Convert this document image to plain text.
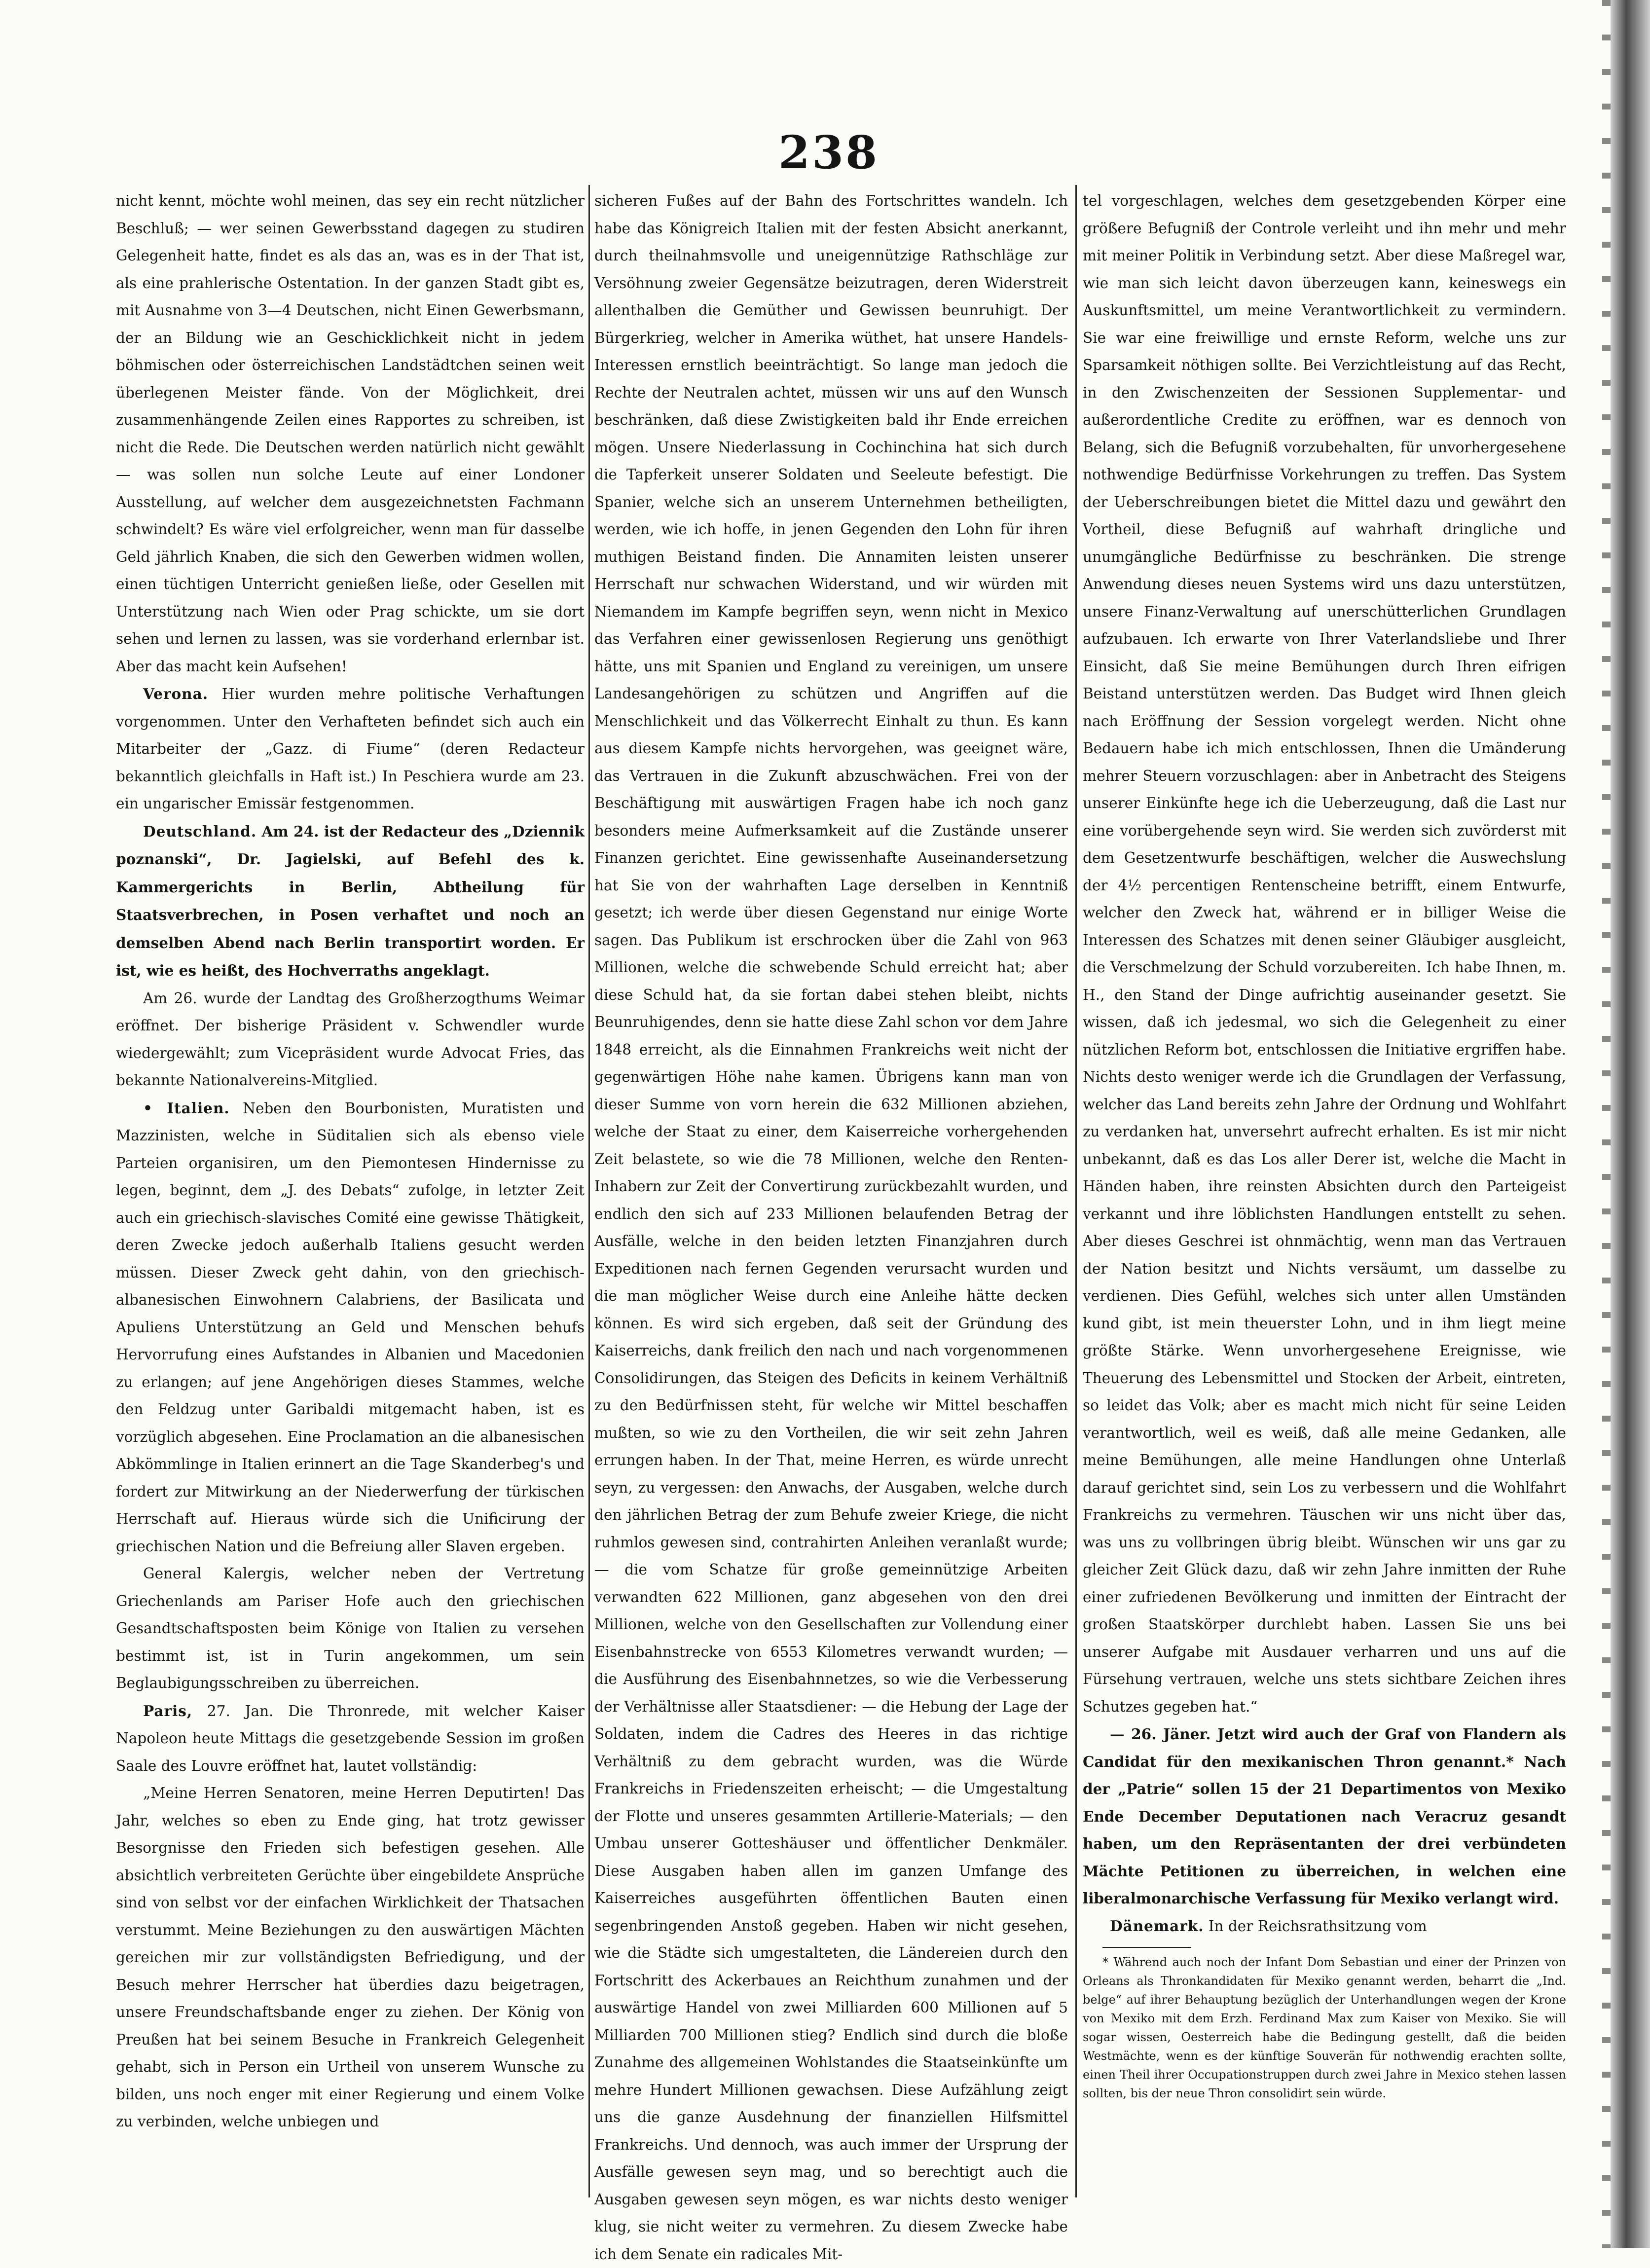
238

nicht kennt, möchte wohl meinen, das sey ein recht nützlicher Beschluß; — wer seinen Gewerbsstand dagegen zu studiren Gelegenheit hatte, findet es als das an, was es in der That ist, als eine prahlerische Ostentation. In der ganzen Stadt gibt es, mit Ausnahme von 3—4 Deutschen, nicht Einen Gewerbsmann, der an Bildung wie an Geschicklichkeit nicht in jedem böhmischen oder österreichischen Landstädtchen seinen weit überlegenen Meister fände. Von der Möglichkeit, drei zusammenhängende Zeilen eines Rapportes zu schreiben, ist nicht die Rede. Die Deutschen werden natürlich nicht gewählt — was sollen nun solche Leute auf einer Londoner Ausstellung, auf welcher dem ausgezeichnetsten Fachmann schwindelt? Es wäre viel erfolgreicher, wenn man für dasselbe Geld jährlich Knaben, die sich den Gewerben widmen wollen, einen tüchtigen Unterricht genießen ließe, oder Gesellen mit Unterstützung nach Wien oder Prag schickte, um sie dort sehen und lernen zu lassen, was sie vorderhand erlernbar ist. Aber das macht kein Aufsehen!

Verona. Hier wurden mehre politische Verhaftungen vorgenommen. Unter den Verhafteten befindet sich auch ein Mitarbeiter der „Gazz. di Fiume“ (deren Redacteur bekanntlich gleichfalls in Haft ist.) In Peschiera wurde am 23. ein ungarischer Emissär festgenommen.

Deutschland. Am 24. ist der Redacteur des „Dziennik poznanski“, Dr. Jagielski, auf Befehl des k. Kammergerichts in Berlin, Abtheilung für Staatsverbrechen, in Posen verhaftet und noch an demselben Abend nach Berlin transportirt worden. Er ist, wie es heißt, des Hochverraths angeklagt.

Am 26. wurde der Landtag des Großherzogthums Weimar eröffnet. Der bisherige Präsident v. Schwendler wurde wiedergewählt; zum Vicepräsident wurde Advocat Fries, das bekannte Nationalvereins-Mitglied.

• Italien. Neben den Bourbonisten, Muratisten und Mazzinisten, welche in Süditalien sich als ebenso viele Parteien organisiren, um den Piemontesen Hindernisse zu legen, beginnt, dem „J. des Debats“ zufolge, in letzter Zeit auch ein griechisch-slavisches Comité eine gewisse Thätigkeit, deren Zwecke jedoch außerhalb Italiens gesucht werden müssen. Dieser Zweck geht dahin, von den griechisch-albanesischen Einwohnern Calabriens, der Basilicata und Apuliens Unterstützung an Geld und Menschen behufs Hervorrufung eines Aufstandes in Albanien und Macedonien zu erlangen; auf jene Angehörigen dieses Stammes, welche den Feldzug unter Garibaldi mitgemacht haben, ist es vorzüglich abgesehen. Eine Proclamation an die albanesischen Abkömmlinge in Italien erinnert an die Tage Skanderbeg's und fordert zur Mitwirkung an der Niederwerfung der türkischen Herrschaft auf. Hieraus würde sich die Unificirung der griechischen Nation und die Befreiung aller Slaven ergeben.

General Kalergis, welcher neben der Vertretung Griechenlands am Pariser Hofe auch den griechischen Gesandtschaftsposten beim Könige von Italien zu versehen bestimmt ist, ist in Turin angekommen, um sein Beglaubigungsschreiben zu überreichen.

Paris, 27. Jan. Die Thronrede, mit welcher Kaiser Napoleon heute Mittags die gesetzgebende Session im großen Saale des Louvre eröffnet hat, lautet vollständig:

„Meine Herren Senatoren, meine Herren Deputirten! Das Jahr, welches so eben zu Ende ging, hat trotz gewisser Besorgnisse den Frieden sich befestigen gesehen. Alle absichtlich verbreiteten Gerüchte über eingebildete Ansprüche sind von selbst vor der einfachen Wirklichkeit der Thatsachen verstummt. Meine Beziehungen zu den auswärtigen Mächten gereichen mir zur vollständigsten Befriedigung, und der Besuch mehrer Herrscher hat überdies dazu beigetragen, unsere Freundschaftsbande enger zu ziehen. Der König von Preußen hat bei seinem Besuche in Frankreich Gelegenheit gehabt, sich in Person ein Urtheil von unserem Wunsche zu bilden, uns noch enger mit einer Regierung und einem Volke zu verbinden, welche unbiegen und

sicheren Fußes auf der Bahn des Fortschrittes wandeln. Ich habe das Königreich Italien mit der festen Absicht anerkannt, durch theilnahmsvolle und uneigennützige Rathschläge zur Versöhnung zweier Gegensätze beizutragen, deren Widerstreit allenthalben die Gemüther und Gewissen beunruhigt. Der Bürgerkrieg, welcher in Amerika wüthet, hat unsere Handels-Interessen ernstlich beeinträchtigt. So lange man jedoch die Rechte der Neutralen achtet, müssen wir uns auf den Wunsch beschränken, daß diese Zwistigkeiten bald ihr Ende erreichen mögen. Unsere Niederlassung in Cochinchina hat sich durch die Tapferkeit unserer Soldaten und Seeleute befestigt. Die Spanier, welche sich an unserem Unternehmen betheiligten, werden, wie ich hoffe, in jenen Gegenden den Lohn für ihren muthigen Beistand finden. Die Annamiten leisten unserer Herrschaft nur schwachen Widerstand, und wir würden mit Niemandem im Kampfe begriffen seyn, wenn nicht in Mexico das Verfahren einer gewissenlosen Regierung uns genöthigt hätte, uns mit Spanien und England zu vereinigen, um unsere Landesangehörigen zu schützen und Angriffen auf die Menschlichkeit und das Völkerrecht Einhalt zu thun. Es kann aus diesem Kampfe nichts hervorgehen, was geeignet wäre, das Vertrauen in die Zukunft abzuschwächen. Frei von der Beschäftigung mit auswärtigen Fragen habe ich noch ganz besonders meine Aufmerksamkeit auf die Zustände unserer Finanzen gerichtet. Eine gewissenhafte Auseinandersetzung hat Sie von der wahrhaften Lage derselben in Kenntniß gesetzt; ich werde über diesen Gegenstand nur einige Worte sagen. Das Publikum ist erschrocken über die Zahl von 963 Millionen, welche die schwebende Schuld erreicht hat; aber diese Schuld hat, da sie fortan dabei stehen bleibt, nichts Beunruhigendes, denn sie hatte diese Zahl schon vor dem Jahre 1848 erreicht, als die Einnahmen Frankreichs weit nicht der gegenwärtigen Höhe nahe kamen. Übrigens kann man von dieser Summe von vorn herein die 632 Millionen abziehen, welche der Staat zu einer, dem Kaiserreiche vorhergehenden Zeit belastete, so wie die 78 Millionen, welche den Renten-Inhabern zur Zeit der Convertirung zurückbezahlt wurden, und endlich den sich auf 233 Millionen belaufenden Betrag der Ausfälle, welche in den beiden letzten Finanzjahren durch Expeditionen nach fernen Gegenden verursacht wurden und die man möglicher Weise durch eine Anleihe hätte decken können. Es wird sich ergeben, daß seit der Gründung des Kaiserreichs, dank freilich den nach und nach vorgenommenen Consolidirungen, das Steigen des Deficits in keinem Verhältniß zu den Bedürfnissen steht, für welche wir Mittel beschaffen mußten, so wie zu den Vortheilen, die wir seit zehn Jahren errungen haben. In der That, meine Herren, es würde unrecht seyn, zu vergessen: den Anwachs, der Ausgaben, welche durch den jährlichen Betrag der zum Behufe zweier Kriege, die nicht ruhmlos gewesen sind, contrahirten Anleihen veranlaßt wurde; — die vom Schatze für große gemeinnützige Arbeiten verwandten 622 Millionen, ganz abgesehen von den drei Millionen, welche von den Gesellschaften zur Vollendung einer Eisenbahnstrecke von 6553 Kilometres verwandt wurden; — die Ausführung des Eisenbahnnetzes, so wie die Verbesserung der Verhältnisse aller Staatsdiener: — die Hebung der Lage der Soldaten, indem die Cadres des Heeres in das richtige Verhältniß zu dem gebracht wurden, was die Würde Frankreichs in Friedenszeiten erheischt; — die Umgestaltung der Flotte und unseres gesammten Artillerie-Materials; — den Umbau unserer Gotteshäuser und öffentlicher Denkmäler. Diese Ausgaben haben allen im ganzen Umfange des Kaiserreiches ausgeführten öffentlichen Bauten einen segenbringenden Anstoß gegeben. Haben wir nicht gesehen, wie die Städte sich umgestalteten, die Ländereien durch den Fortschritt des Ackerbaues an Reichthum zunahmen und der auswärtige Handel von zwei Milliarden 600 Millionen auf 5 Milliarden 700 Millionen stieg? Endlich sind durch die bloße Zunahme des allgemeinen Wohlstandes die Staatseinkünfte um mehre Hundert Millionen gewachsen. Diese Aufzählung zeigt uns die ganze Ausdehnung der finanziellen Hilfsmittel Frankreichs. Und dennoch, was auch immer der Ursprung der Ausfälle gewesen seyn mag, und so berechtigt auch die Ausgaben gewesen seyn mögen, es war nichts desto weniger klug, sie nicht weiter zu vermehren. Zu diesem Zwecke habe ich dem Senate ein radicales Mit-

tel vorgeschlagen, welches dem gesetzgebenden Körper eine größere Befugniß der Controle verleiht und ihn mehr und mehr mit meiner Politik in Verbindung setzt. Aber diese Maßregel war, wie man sich leicht davon überzeugen kann, keineswegs ein Auskunftsmittel, um meine Verantwortlichkeit zu vermindern. Sie war eine freiwillige und ernste Reform, welche uns zur Sparsamkeit nöthigen sollte. Bei Verzichtleistung auf das Recht, in den Zwischenzeiten der Sessionen Supplementar- und außerordentliche Credite zu eröffnen, war es dennoch von Belang, sich die Befugniß vorzubehalten, für unvorhergesehene nothwendige Bedürfnisse Vorkehrungen zu treffen. Das System der Ueberschreibungen bietet die Mittel dazu und gewährt den Vortheil, diese Befugniß auf wahrhaft dringliche und unumgängliche Bedürfnisse zu beschränken. Die strenge Anwendung dieses neuen Systems wird uns dazu unterstützen, unsere Finanz-Verwaltung auf unerschütterlichen Grundlagen aufzubauen. Ich erwarte von Ihrer Vaterlandsliebe und Ihrer Einsicht, daß Sie meine Bemühungen durch Ihren eifrigen Beistand unterstützen werden. Das Budget wird Ihnen gleich nach Eröffnung der Session vorgelegt werden. Nicht ohne Bedauern habe ich mich entschlossen, Ihnen die Umänderung mehrer Steuern vorzuschlagen: aber in Anbetracht des Steigens unserer Einkünfte hege ich die Ueberzeugung, daß die Last nur eine vorübergehende seyn wird. Sie werden sich zuvörderst mit dem Gesetzentwurfe beschäftigen, welcher die Auswechslung der 4½ percentigen Rentenscheine betrifft, einem Entwurfe, welcher den Zweck hat, während er in billiger Weise die Interessen des Schatzes mit denen seiner Gläubiger ausgleicht, die Verschmelzung der Schuld vorzubereiten. Ich habe Ihnen, m. H., den Stand der Dinge aufrichtig auseinander gesetzt. Sie wissen, daß ich jedesmal, wo sich die Gelegenheit zu einer nützlichen Reform bot, entschlossen die Initiative ergriffen habe. Nichts desto weniger werde ich die Grundlagen der Verfassung, welcher das Land bereits zehn Jahre der Ordnung und Wohlfahrt zu verdanken hat, unversehrt aufrecht erhalten. Es ist mir nicht unbekannt, daß es das Los aller Derer ist, welche die Macht in Händen haben, ihre reinsten Absichten durch den Parteigeist verkannt und ihre löblichsten Handlungen entstellt zu sehen. Aber dieses Geschrei ist ohnmächtig, wenn man das Vertrauen der Nation besitzt und Nichts versäumt, um dasselbe zu verdienen. Dies Gefühl, welches sich unter allen Umständen kund gibt, ist mein theuerster Lohn, und in ihm liegt meine größte Stärke. Wenn unvorhergesehene Ereignisse, wie Theuerung des Lebensmittel und Stocken der Arbeit, eintreten, so leidet das Volk; aber es macht mich nicht für seine Leiden verantwortlich, weil es weiß, daß alle meine Gedanken, alle meine Bemühungen, alle meine Handlungen ohne Unterlaß darauf gerichtet sind, sein Los zu verbessern und die Wohlfahrt Frankreichs zu vermehren. Täuschen wir uns nicht über das, was uns zu vollbringen übrig bleibt. Wünschen wir uns gar zu gleicher Zeit Glück dazu, daß wir zehn Jahre inmitten der Ruhe einer zufriedenen Bevölkerung und inmitten der Eintracht der großen Staatskörper durchlebt haben. Lassen Sie uns bei unserer Aufgabe mit Ausdauer verharren und uns auf die Fürsehung vertrauen, welche uns stets sichtbare Zeichen ihres Schutzes gegeben hat.“

— 26. Jäner. Jetzt wird auch der Graf von Flandern als Candidat für den mexikanischen Thron genannt.* Nach der „Patrie“ sollen 15 der 21 Departimentos von Mexiko Ende December Deputationen nach Veracruz gesandt haben, um den Repräsentanten der drei verbündeten Mächte Petitionen zu überreichen, in welchen eine liberalmonarchische Verfassung für Mexiko verlangt wird.

Dänemark. In der Reichsrathsitzung vom

* Während auch noch der Infant Dom Sebastian und einer der Prinzen von Orleans als Thronkandidaten für Mexiko genannt werden, beharrt die „Ind. belge“ auf ihrer Behauptung bezüglich der Unterhandlungen wegen der Krone von Mexiko mit dem Erzh. Ferdinand Max zum Kaiser von Mexiko. Sie will sogar wissen, Oesterreich habe die Bedingung gestellt, daß die beiden Westmächte, wenn es der künftige Souverän für nothwendig erachten sollte, einen Theil ihrer Occupationstruppen durch zwei Jahre in Mexico stehen lassen sollten, bis der neue Thron consolidirt sein würde.
